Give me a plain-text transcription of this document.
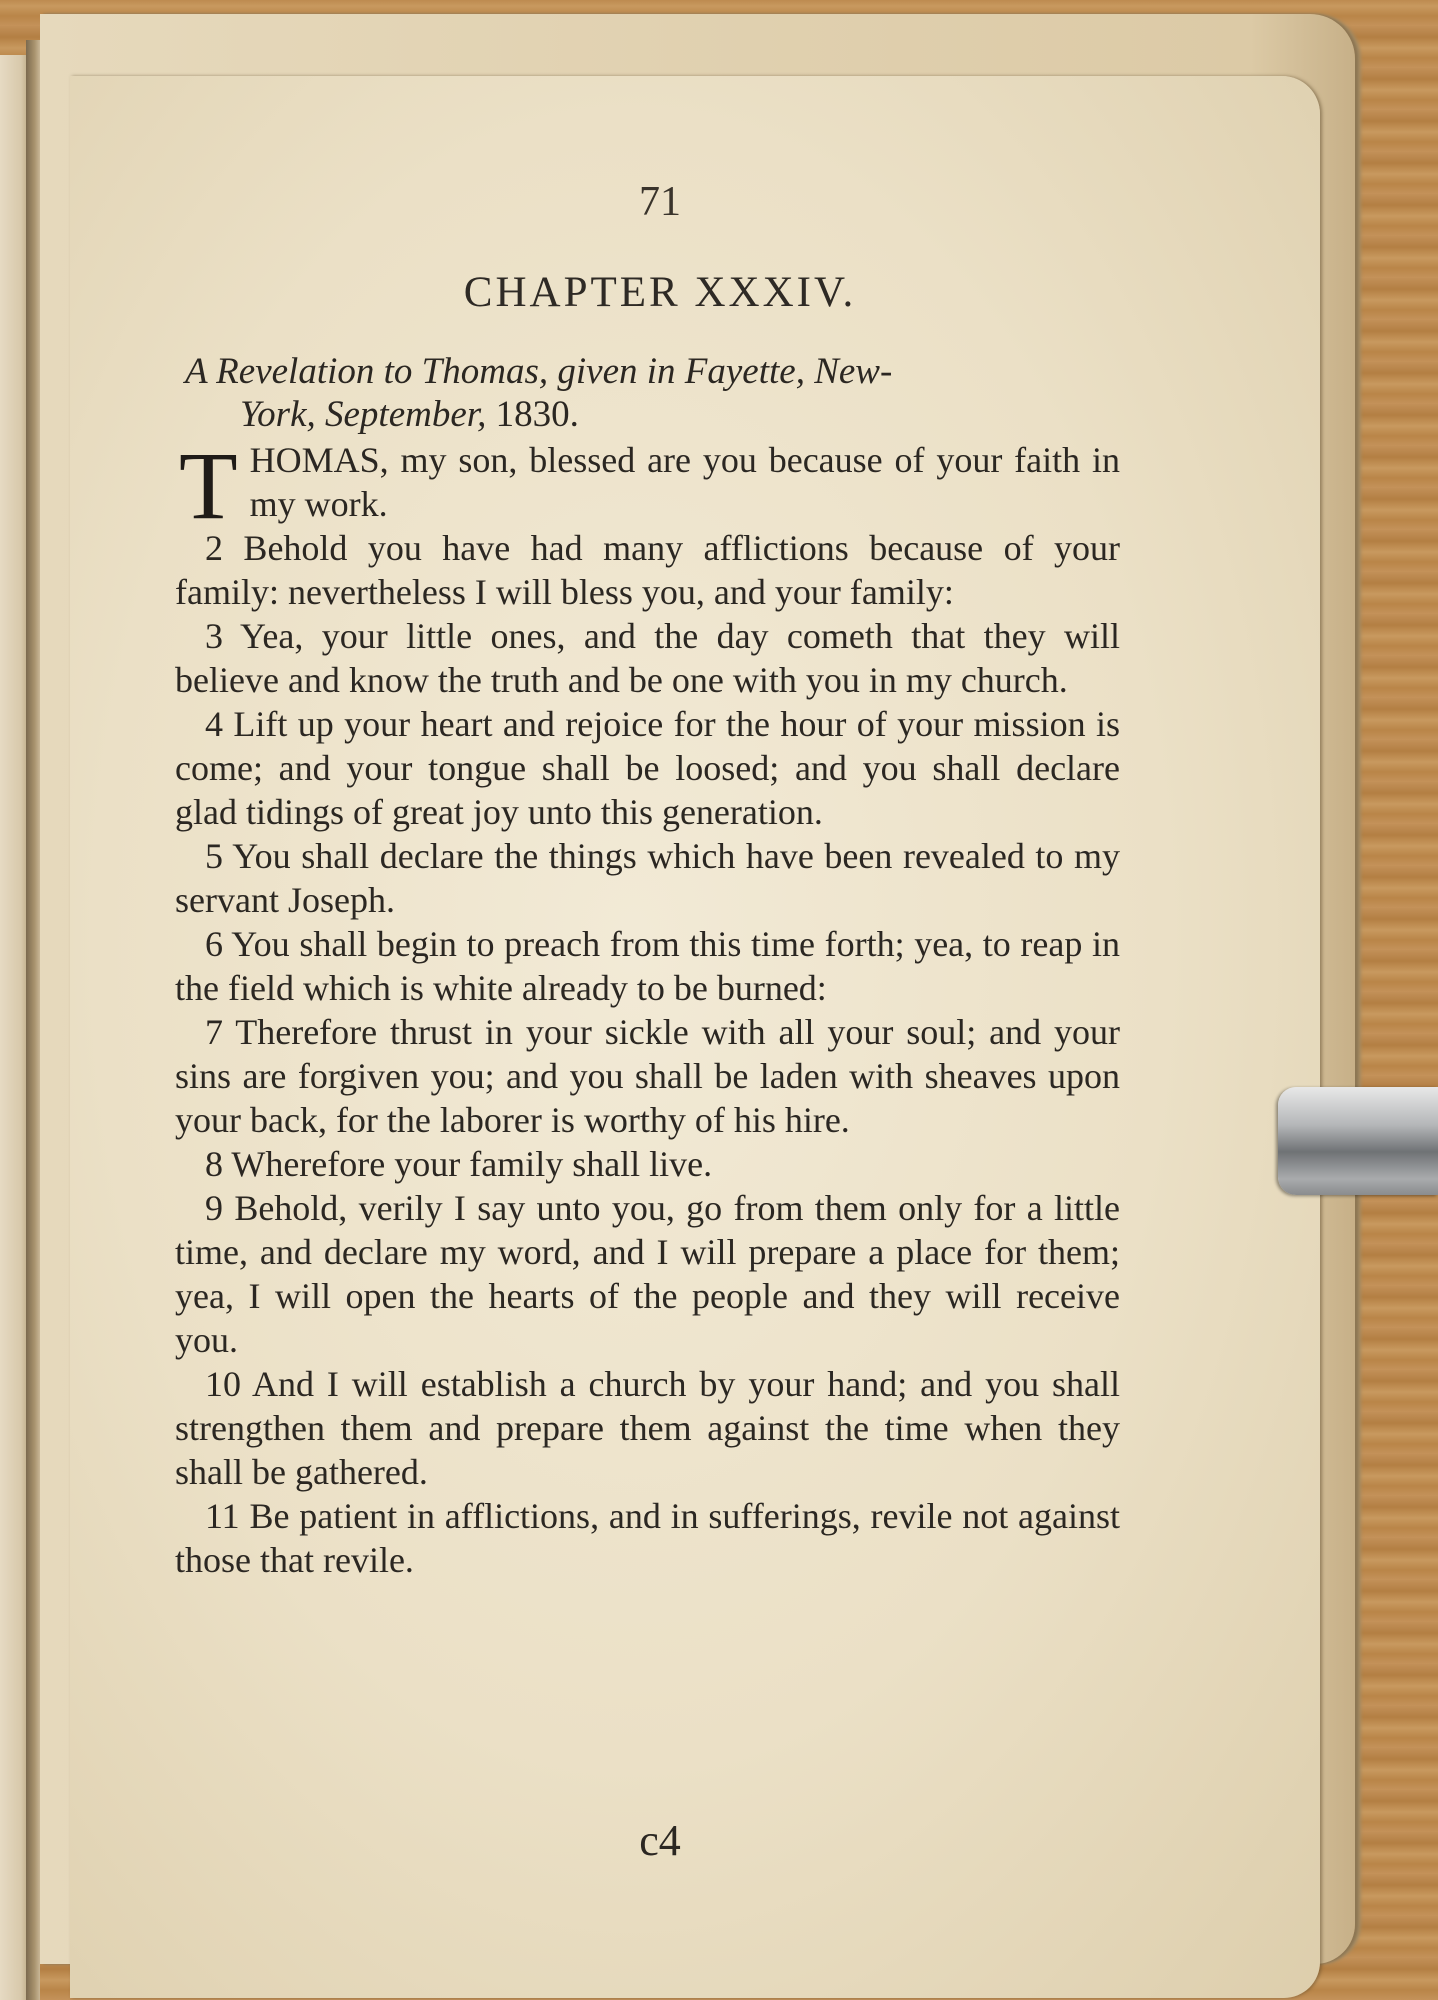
71
CHAPTER XXXIV.
A Revelation to Thomas, given in Fayette, New-
York, September, 1830.

THOMAS, my son, blessed are you because of your faith in my work.

2 Behold you have had many afflictions because of your family: nevertheless I will bless you, and your family:

3 Yea, your little ones, and the day cometh that they will believe and know the truth and be one with you in my church.

4 Lift up your heart and rejoice for the hour of your mission is come; and your tongue shall be loosed; and you shall declare glad tidings of great joy unto this generation.

5 You shall declare the things which have been revealed to my servant Joseph.

6 You shall begin to preach from this time forth; yea, to reap in the field which is white already to be burned:

7 Therefore thrust in your sickle with all your soul; and your sins are forgiven you; and you shall be laden with sheaves upon your back, for the laborer is worthy of his hire.

8 Wherefore your family shall live.

9 Behold, verily I say unto you, go from them only for a little time, and declare my word, and I will prepare a place for them; yea, I will open the hearts of the people and they will receive you.

10 And I will establish a church by your hand; and you shall strengthen them and prepare them against the time when they shall be gathered.

11 Be patient in afflictions, and in sufferings, revile not against those that revile.

c4
